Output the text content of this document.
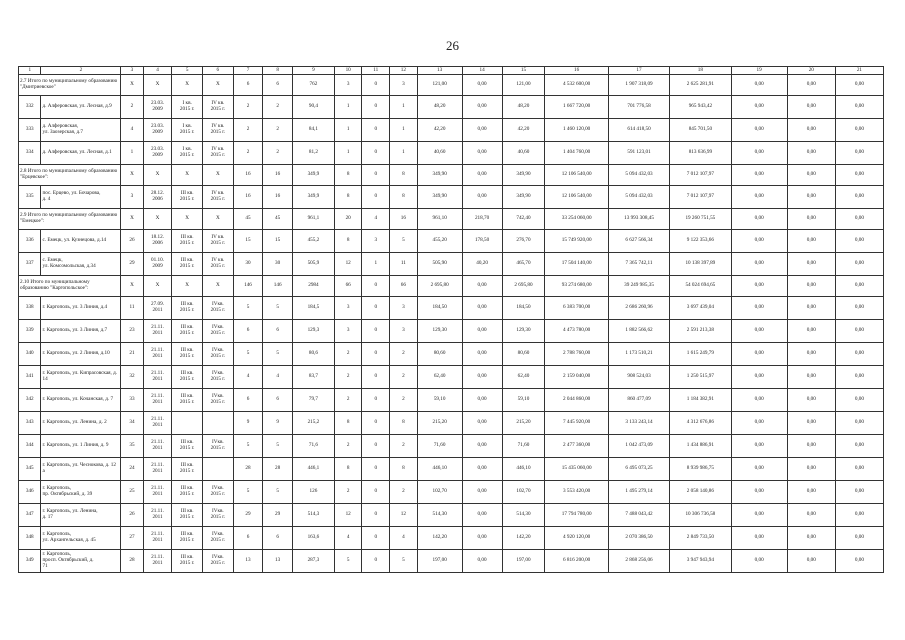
26
1	2	3	4	5	6	7	8	9	10	11	12	13	14	15	16	17	18	19	20	21
2.7 Итого по муниципальному образованию "Дмитриевское"		X	X	X	X	6	6	762	3	0	3	121,00	0,00	121,00	4 532 600,00	1 907 318,09	2 625 281,91	0,00	0,00	0,00
332	д. Алферовская, ул. Лесная, д.9	2	23.03.
2009	I кв.
2015 г.	IV кв.
2015 г.	2	2	90,4	1	0	1	48,20	0,00	48,20	1 667 720,00	701 776,58	965 943,42	0,00	0,00	0,00
333	д. Алферовская,
ул. Заозерская, д.7	4	23.03.
2009	I кв.
2015 г.	IV кв.
2015 г.	2	2	84,1	1	0	1	42,20	0,00	42,20	1 460 120,00	614 418,50	845 701,50	0,00	0,00	0,00
334	д. Алферовская, ул. Лесная, д.1	1	23.03.
2009	I кв.
2015 г.	IV кв.
2015 г.	2	2	81,2	1	0	1	40,60	0,00	40,60	1 404 760,00	591 123,01	813 636,99	0,00	0,00	0,00
2.8 Итого по муниципальному образованию "Ерцевское":		X	X	X	X	16	16	349,9	8	0	8	349,90	0,00	349,90	12 106 540,00	5 094 432,03	7 012 107,97	0,00	0,00	0,00
335	пос. Ерцево, ул. Бочарова,
д. 4	3	28.12.
2006	III кв.
2015 г.	IV кв.
2015 г.	16	16	349,9	8	0	8	349,90	0,00	349,90	12 106 540,00	5 094 432,03	7 012 107,97	0,00	0,00	0,00
2.9 Итого по муниципальному образованию "Емецкое":		X	X	X	X	45	45	961,1	20	4	16	961,10	218,70	742,40	33 254 060,00	13 993 308,45	19 260 751,55	0,00	0,00	0,00
336	с. Емецк, ул. Кузнецова, д.14	26	18.12.
2006	III кв.
2015 г.	IV кв.
2015 г.	15	15	455,2	8	3	5	455,20	178,50	276,70	15 749 920,00	6 627 566,34	9 122 353,66	0,00	0,00	0,00
337	с. Емецк,
ул. Комсомольская, д.34	29	01.10.
2009	III кв.
2015 г.	IV кв.
2015 г.	30	30	505,9	12	1	11	505,90	40,20	465,70	17 504 140,00	7 365 742,11	10 138 397,89	0,00	0,00	0,00
2.10 Итого по муниципальному образованию "Каргопольское":		X	X	X	X	146	146	2984	66	0	66	2 695,80	0,00	2 695,80	93 274 680,00	39 249 985,35	54 024 694,65	0,00	0,00	0,00
338	г. Каргополь, ул. 3 Линия, д.4	11	27.09.
2011	III кв.
2015 г.	IVкв.
2015 г.	5	5	184,5	3	0	3	184,50	0,00	184,50	6 383 700,00	2 686 260,96	3 697 439,04	0,00	0,00	0,00
339	г. Каргополь, ул. 3 Линия, д.7	23	21.11.
2011	III кв.
2015 г.	IVкв.
2015 г.	6	6	129,3	3	0	3	129,30	0,00	129,30	4 473 780,00	1 882 566,62	2 591 213,38	0,00	0,00	0,00
340	г. Каргополь, ул. 2 Линия, д.10	21	21.11.
2011	III кв.
2015 г.	IVкв.
2015 г.	5	5	80,6	2	0	2	80,60	0,00	80,60	2 788 760,00	1 173 510,21	1 615 249,79	0,00	0,00	0,00
341	г. Каргополь, ул. Кипрасовская, д. 14	32	21.11.
2011	III кв.
2015 г.	IVкв.
2015 г.	4	4	83,7	2	0	2	62,40	0,00	62,40	2 159 040,00	908 524,03	1 250 515,97	0,00	0,00	0,00
342	г. Каргополь, ул. Кочанская, д. 7	33	21.11.
2011	III кв.
2015 г.	IVкв.
2015 г.	6	6	79,7	2	0	2	59,10	0,00	59,10	2 044 860,00	860 477,09	1 184 382,91	0,00	0,00	0,00
343	г. Каргополь, ул. Ленина, д. 2	34	21.11.
2011			9	9	215,2	8	0	8	215,20	0,00	215,20	7 445 920,00	3 133 243,14	4 312 676,86	0,00	0,00	0,00
344	г. Каргополь, ул. 1 Линия, д. 9	35	21.11.
2011	III кв.
2015 г.	IVкв.
2015 г.	5	5	71,6	2	0	2	71,60	0,00	71,60	2 477 360,00	1 042 473,09	1 434 886,91	0,00	0,00	0,00
345	г. Каргополь, ул. Чеснокова, д. 12 а	24	21.11.
2011	III кв.
2015 г.		28	28	446,1	8	0	8	446,10	0,00	446,10	15 435 060,00	6 495 073,25	8 939 986,75	0,00	0,00	0,00
346	г. Каргополь,
пр. Октябрьский, д. 39	25	21.11.
2011	III кв.
2015 г.	IVкв.
2015 г.	5	5	126	2	0	2	102,70	0,00	102,70	3 553 420,00	1 495 279,14	2 058 140,86	0,00	0,00	0,00
347	г. Каргополь, ул. Ленина,
д. 17	26	21.11.
2011	III кв.
2015 г.	IVкв.
2015 г.	29	29	514,3	12	0	12	514,30	0,00	514,30	17 794 780,00	7 488 043,42	10 306 736,58	0,00	0,00	0,00
348	г. Каргополь,
ул. Архангельская, д. 45	27	21.11.
2011	III кв.
2015 г.	IVкв.
2015 г.	6	6	163,6	4	0	4	142,20	0,00	142,20	4 920 120,00	2 070 386,50	2 849 733,50	0,00	0,00	0,00
349	г. Каргополь,
просп. Октябрьский, д.
71	28	21.11.
2011	III кв.
2015 г.	IVкв.
2015 г.	13	13	287,3	5	0	5	197,00	0,00	197,00	6 816 200,00	2 868 256,06	3 947 943,94	0,00	0,00	0,00
